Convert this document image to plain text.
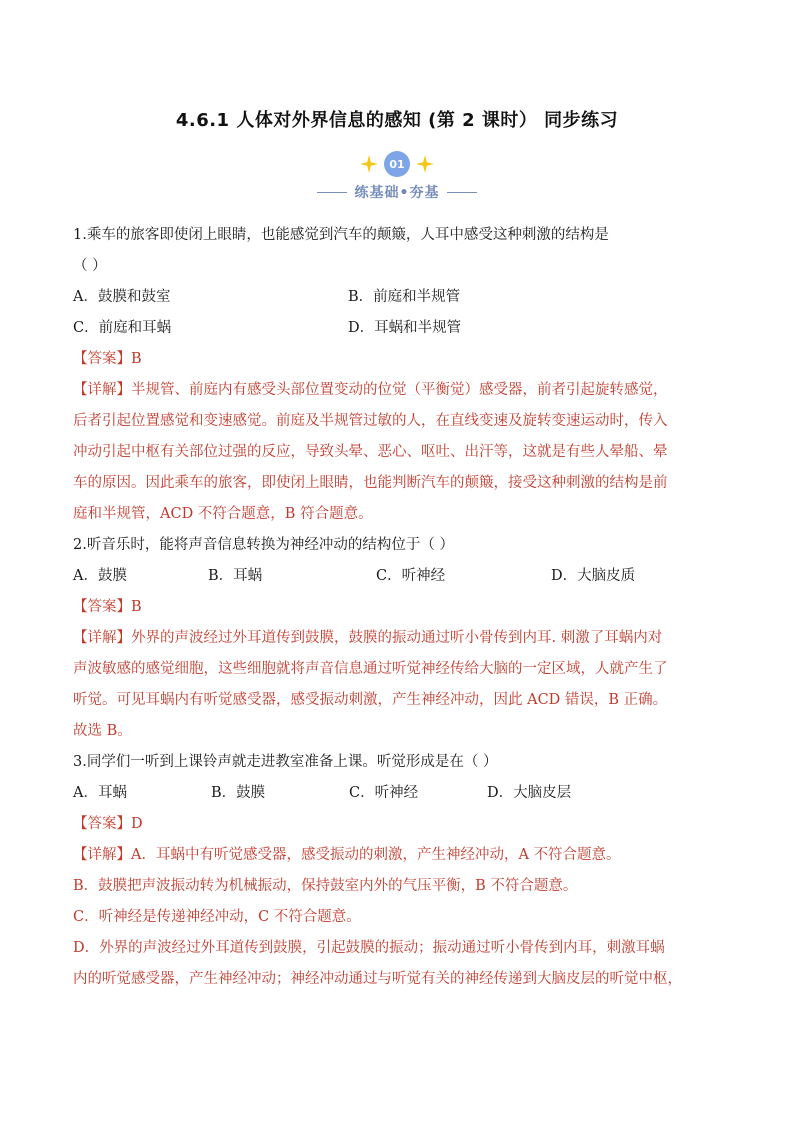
4.6.1 人体对外界信息的感知 (第 2 课时） 同步练习
01
练基础•夯基

1.乘车的旅客即使闭上眼睛，也能感觉到汽车的颠簸，人耳中感受这种刺激的结构是

（ ）

A．鼓膜和鼓室	B．前庭和半规管
C．前庭和耳蜗	D．耳蜗和半规管

【答案】B

【详解】半规管、前庭内有感受头部位置变动的位觉（平衡觉）感受器，前者引起旋转感觉，

后者引起位置感觉和变速感觉。前庭及半规管过敏的人，在直线变速及旋转变速运动时，传入

冲动引起中枢有关部位过强的反应，导致头晕、恶心、呕吐、出汗等，这就是有些人晕船、晕

车的原因。因此乘车的旅客，即使闭上眼睛，也能判断汽车的颠簸，接受这种刺激的结构是前

庭和半规管，ACD 不符合题意，B 符合题意。

2.听音乐时，能将声音信息转换为神经冲动的结构位于（ ）

A．鼓膜	B．耳蜗	C．听神经	D．大脑皮质

【答案】B

【详解】外界的声波经过外耳道传到鼓膜，鼓膜的振动通过听小骨传到内耳. 刺激了耳蜗内对

声波敏感的感觉细胞，这些细胞就将声音信息通过听觉神经传给大脑的一定区域，人就产生了

听觉。可见耳蜗内有听觉感受器，感受振动刺激，产生神经冲动，因此 ACD 错误，B 正确。

故选 B。

3.同学们一听到上课铃声就走进教室准备上课。听觉形成是在（ ）

A．耳蜗	B．鼓膜	C．听神经	D．大脑皮层

【答案】D

【详解】A．耳蜗中有听觉感受器，感受振动的刺激，产生神经冲动，A 不符合题意。

B．鼓膜把声波振动转为机械振动，保持鼓室内外的气压平衡，B 不符合题意。

C．听神经是传递神经冲动，C 不符合题意。

D．外界的声波经过外耳道传到鼓膜，引起鼓膜的振动；振动通过听小骨传到内耳，刺激耳蜗

内的听觉感受器，产生神经冲动；神经冲动通过与听觉有关的神经传递到大脑皮层的听觉中枢，
